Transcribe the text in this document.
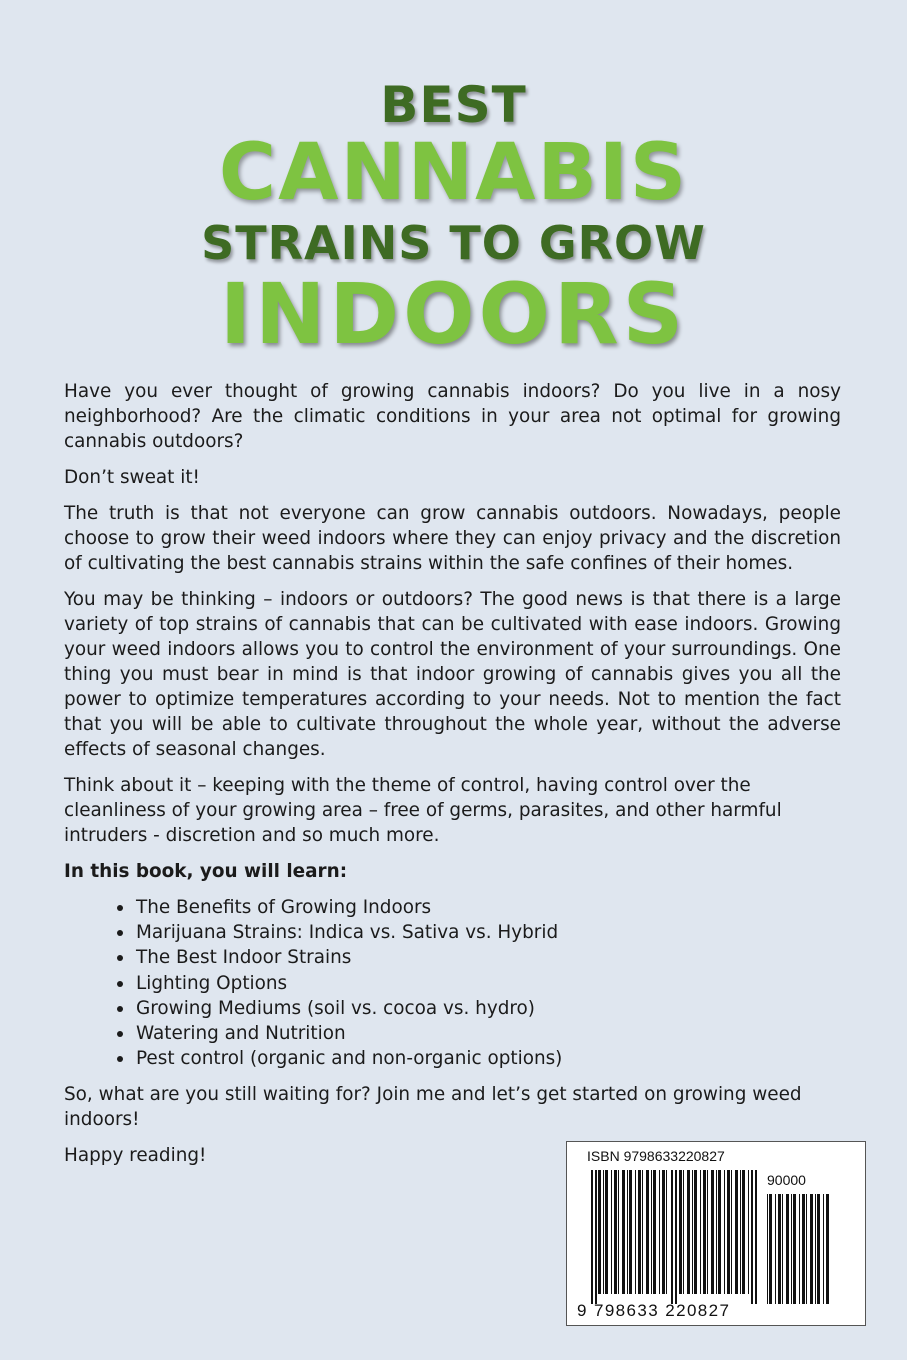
BEST
CANNABIS
STRAINS TO GROW
INDOORS

Have you ever thought of growing cannabis indoors? Do you live in a nosy neighborhood? Are the climatic conditions in your area not optimal for growing cannabis outdoors?

Don’t sweat it!

The truth is that not everyone can grow cannabis outdoors. Nowadays, people choose to grow their weed indoors where they can enjoy privacy and the discretion of cultivating the best cannabis strains within the safe confines of their homes.

You may be thinking – indoors or outdoors? The good news is that there is a large variety of top strains of cannabis that can be cultivated with ease indoors. Growing your weed indoors allows you to control the environment of your surroundings. One thing you must bear in mind is that indoor growing of cannabis gives you all the power to optimize temperatures according to your needs. Not to mention the fact that you will be able to cultivate throughout the whole year, without the adverse effects of seasonal changes.

Think about it – keeping with the theme of control, having control over the cleanliness of your growing area – free of germs, parasites, and other harmful intruders - discretion and so much more.

In this book, you will learn:

The Benefits of Growing Indoors
Marijuana Strains: Indica vs. Sativa vs. Hybrid
The Best Indoor Strains
Lighting Options
Growing Mediums (soil vs. cocoa vs. hydro)
Watering and Nutrition
Pest control (organic and non-organic options)

So, what are you still waiting for? Join me and let’s get started on growing weed indoors!

Happy reading!	ISBN 9798633220827
90000
9 798633 220827
